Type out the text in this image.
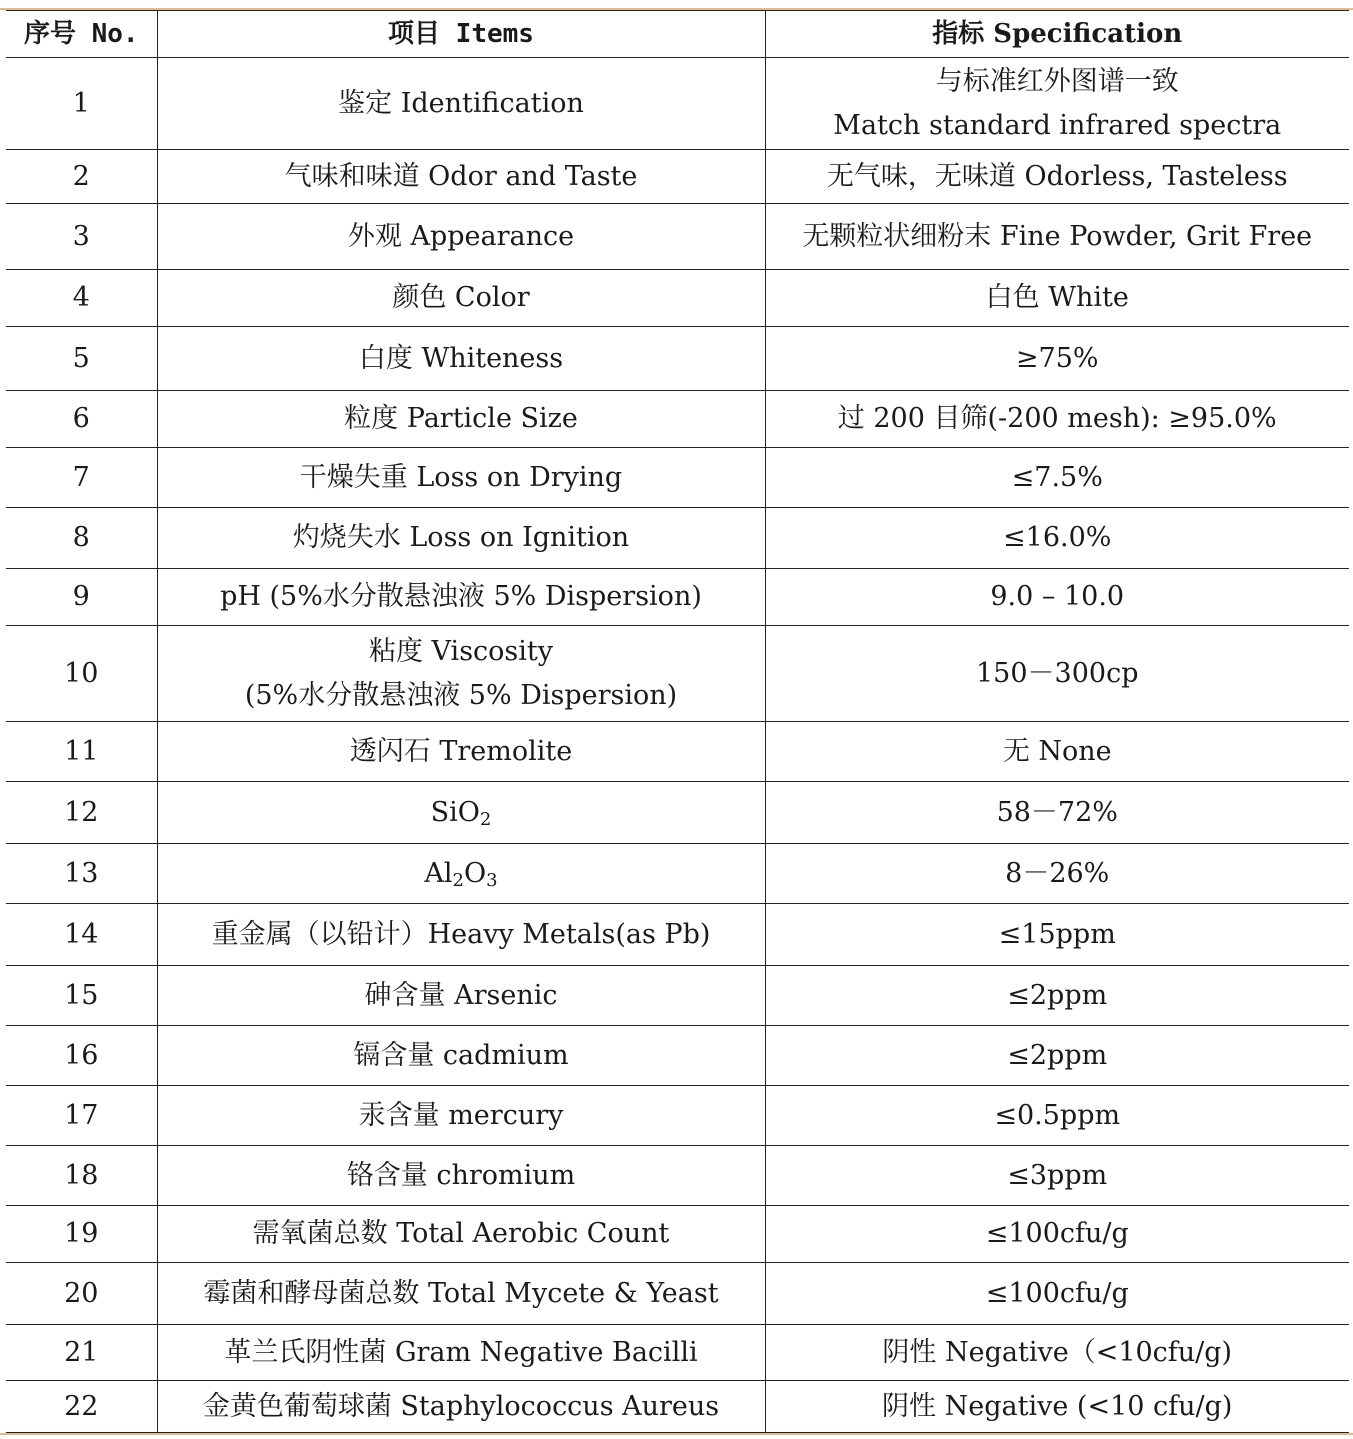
序号 No.	项目 Items	指标 Specification
1	鉴定 Identification	与标准红外图谱一致
Match standard infrared spectra

2	气味和味道 Odor and Taste	无气味，无味道 Odorless, Tasteless

3	外观 Appearance	无颗粒状细粉末 Fine Powder, Grit Free

4	颜色 Color	白色 White

5	白度 Whiteness	≥75%

6	粒度 Particle Size	过 200 目筛(-200 mesh): ≥95.0%

7	干燥失重 Loss on Drying	≤7.5%

8	灼烧失水 Loss on Ignition	≤16.0%

9	pH (5%水分散悬浊液 5% Dispersion)	9.0 – 10.0

10	粘度 Viscosity
(5%水分散悬浊液 5% Dispersion)	150－300cp

11	透闪石 Tremolite	无 None

12	SiO$_2$	58－72%

13	$Al_2O_3$	8－26%

14	重金属（以铅计）Heavy Metals(as Pb)	≤15ppm

15	砷含量 Arsenic	≤2ppm

16	镉含量 cadmium	≤2ppm

17	汞含量 mercury	≤0.5ppm

18	铬含量 chromium	≤3ppm

19	需氧菌总数 Total Aerobic Count	≤100cfu/g

20	霉菌和酵母菌总数 Total Mycete & Yeast	≤100cfu/g

21	革兰氏阴性菌 Gram Negative Bacilli	阴性 Negative（<10cfu/g)

22	金黄色葡萄球菌 Staphylococcus Aureus	阴性 Negative (<10 cfu/g)
